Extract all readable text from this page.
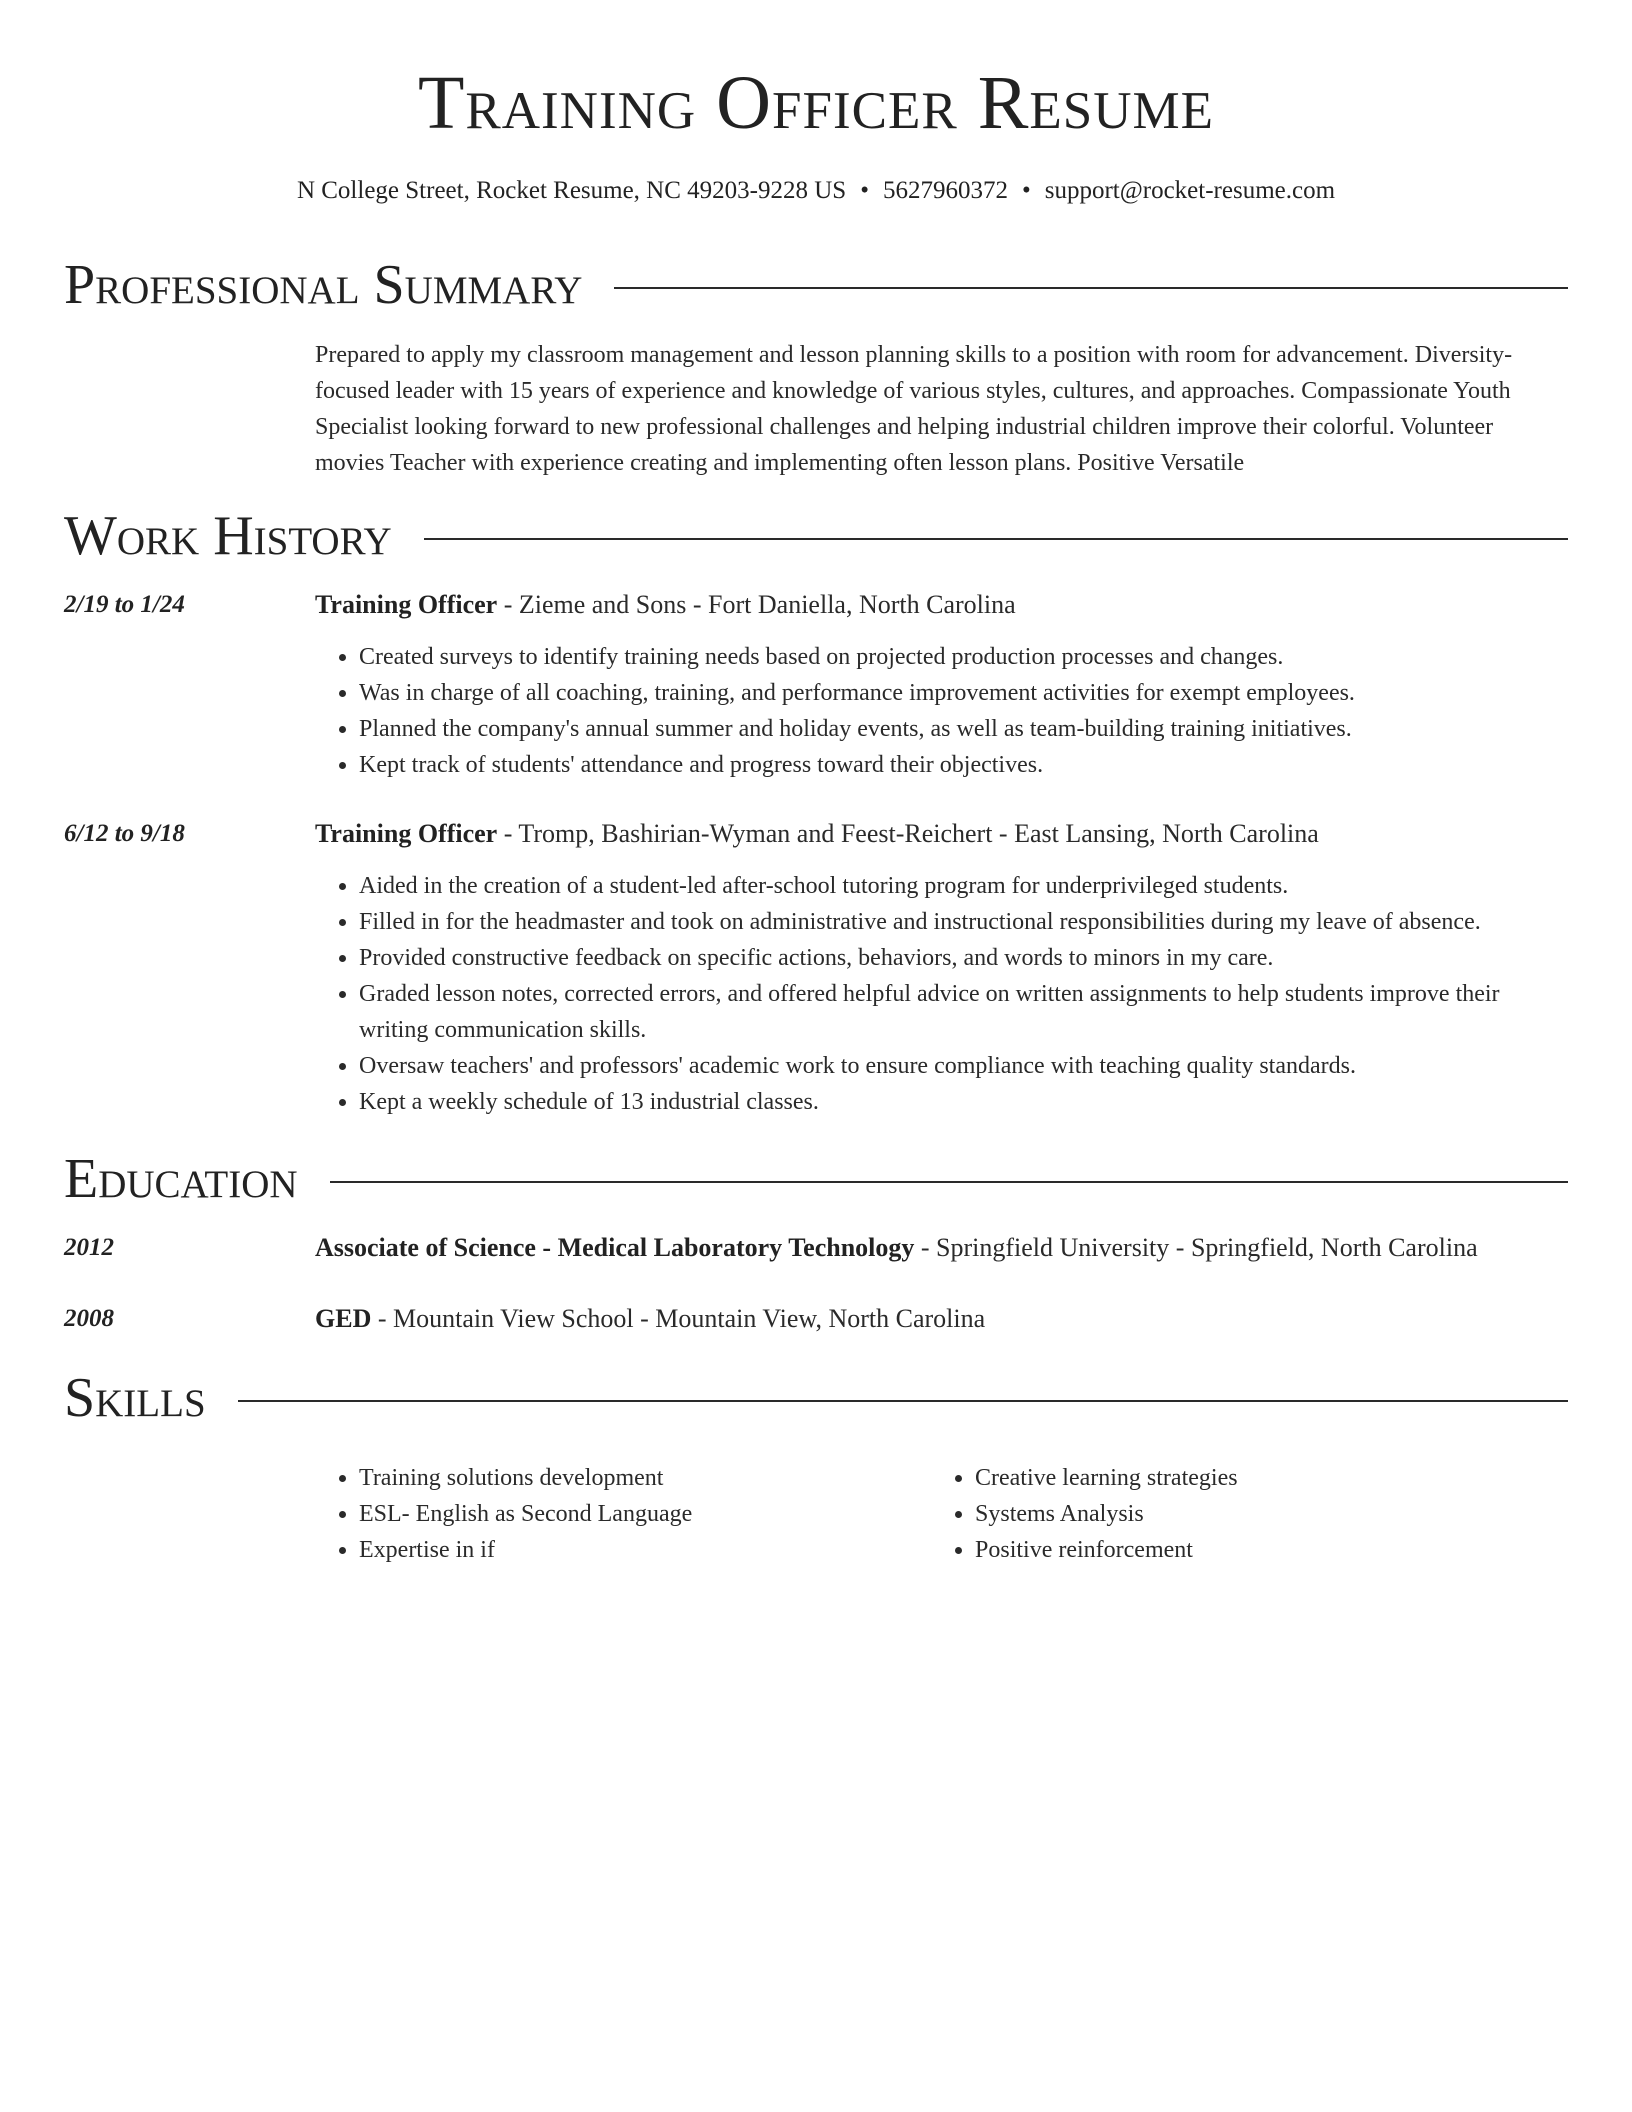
Training Officer Resume
N College Street, Rocket Resume, NC 49203-9228 US • 5627960372 • support@rocket-resume.com
Professional Summary
Prepared to apply my classroom management and lesson planning skills to a position with room for advancement. Diversity-focused leader with 15 years of experience and knowledge of various styles, cultures, and approaches. Compassionate Youth Specialist looking forward to new professional challenges and helping industrial children improve their colorful. Volunteer movies Teacher with experience creating and implementing often lesson plans. Positive Versatile
Work History
2/19 to 1/24	Training Officer - Zieme and Sons - Fort Daniella, North Carolina
• Created surveys to identify training needs based on projected production processes and changes.
• Was in charge of all coaching, training, and performance improvement activities for exempt employees.
• Planned the company's annual summer and holiday events, as well as team-building training initiatives.
• Kept track of students' attendance and progress toward their objectives.
6/12 to 9/18	Training Officer - Tromp, Bashirian-Wyman and Feest-Reichert - East Lansing, North Carolina
• Aided in the creation of a student-led after-school tutoring program for underprivileged students.
• Filled in for the headmaster and took on administrative and instructional responsibilities during my leave of absence.
• Provided constructive feedback on specific actions, behaviors, and words to minors in my care.
• Graded lesson notes, corrected errors, and offered helpful advice on written assignments to help students improve their writing communication skills.
• Oversaw teachers' and professors' academic work to ensure compliance with teaching quality standards.
• Kept a weekly schedule of 13 industrial classes.
Education
2012	Associate of Science - Medical Laboratory Technology - Springfield University - Springfield, North Carolina
2008	GED - Mountain View School - Mountain View, North Carolina
Skills
• Training solutions development
• ESL- English as Second Language
• Expertise in if
• Creative learning strategies
• Systems Analysis
• Positive reinforcement
